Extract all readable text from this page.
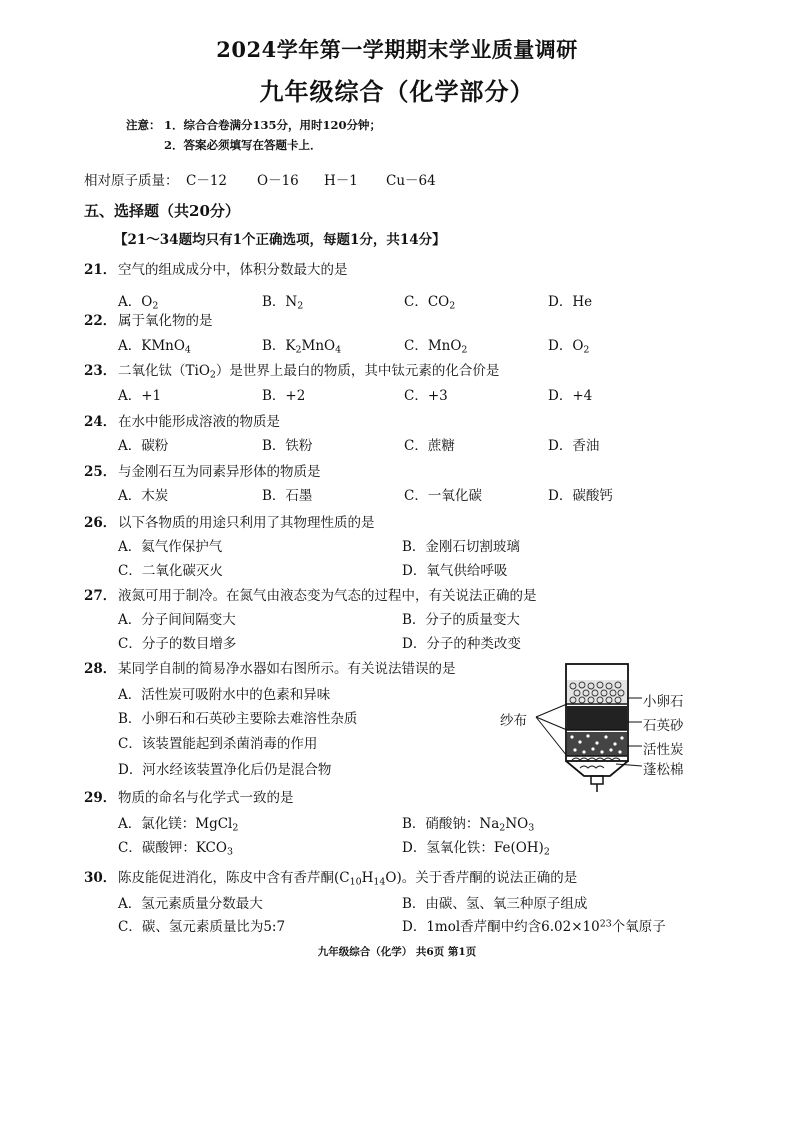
2024学年第一学期期末学业质量调研
九年级综合（化学部分）
注意： 1．综合合卷满分135分，用时120分钟；
2．答案必须填写在答题卡上．
相对原子质量： C－12 O－16 H－1 Cu－64
五、选择题（共20分）
【21～34题均只有1个正确选项，每题1分，共14分】
21． 空气的组成成分中，体积分数最大的是
A．$O_2$	B．$N_2$	C．$CO_2$	D．He
22． 属于氧化物的是
A．KMnO$_4$	B．$K_2MnO_4$	C．MnO$_2$	D．$O_2$
23． 二氧化钛（TiO$_2$）是世界上最白的物质，其中钛元素的化合价是
A．+1	B．+2	C．+3	D．+4
24． 在水中能形成溶液的物质是
A．碳粉	B．铁粉	C．蔗糖	D．香油
25． 与金刚石互为同素异形体的物质是
A．木炭	B．石墨	C．一氧化碳	D．碳酸钙
26． 以下各物质的用途只利用了其物理性质的是
A．氦气作保护气	B．金刚石切割玻璃
C．二氧化碳灭火	D．氧气供给呼吸
27． 液氮可用于制冷。在氮气由液态变为气态的过程中，有关说法正确的是
A．分子间间隔变大	B．分子的质量变大
C．分子的数目增多	D．分子的种类改变
28． 某同学自制的简易净水器如右图所示。有关说法错误的是
A．活性炭可吸附水中的色素和异味
B．小卵石和石英砂主要除去难溶性杂质
C．该装置能起到杀菌消毒的作用
D．河水经该装置净化后仍是混合物
29． 物质的命名与化学式一致的是
A．氯化镁：MgCl$_2$	B．硝酸钠：$Na_2NO_3$
C．碳酸钾：$KCO_3$	D．氢氧化铁：$Fe(OH)_2$
30． 陈皮能促进消化，陈皮中含有香芹酮$(C_{10}H_{14}O)$。关于香芹酮的说法正确的是
A．氢元素质量分数最大	B．由碳、氢、氧三种原子组成
C．碳、氢元素质量比为5:7	D．1mol香芹酮中约含$6.02\times 10^{23}$个氧原子
纱布
小卵石
石英砂
活性炭
蓬松棉
九年级综合（化学） 共6页 第1页
